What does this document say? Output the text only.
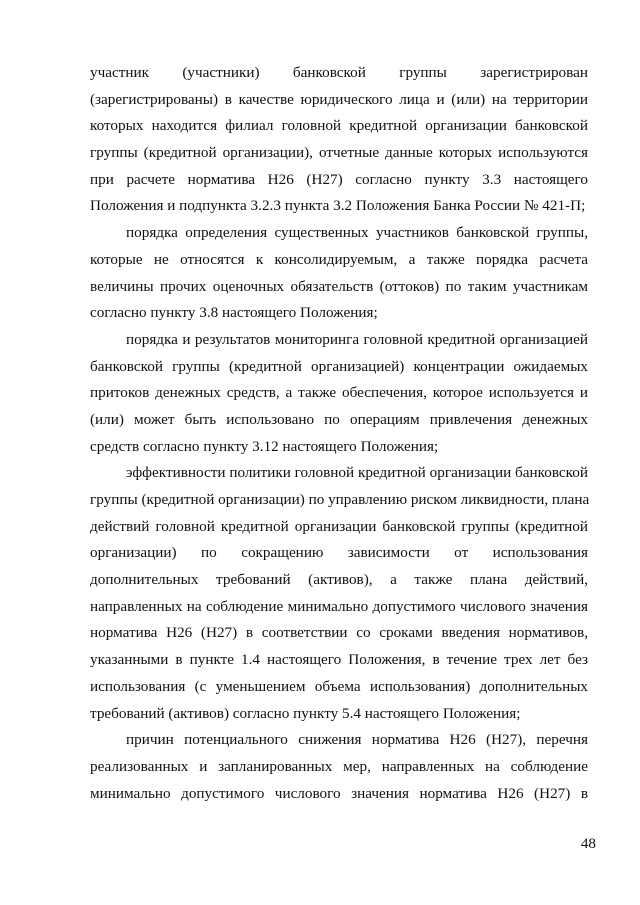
участник (участники) банковской группы зарегистрирован
(зарегистрированы) в качестве юридического лица и (или) на территории
которых находится филиал головной кредитной организации банковской
группы (кредитной организации), отчетные данные которых используются
при расчете норматива Н26 (Н27) согласно пункту 3.3 настоящего
Положения и подпункта 3.2.3 пункта 3.2 Положения Банка России № 421-П;
порядка определения существенных участников банковской группы,
которые не относятся к консолидируемым, а также порядка расчета
величины прочих оценочных обязательств (оттоков) по таким участникам
согласно пункту 3.8 настоящего Положения;
порядка и результатов мониторинга головной кредитной организацией
банковской группы (кредитной организацией) концентрации ожидаемых
притоков денежных средств, а также обеспечения, которое используется и
(или) может быть использовано по операциям привлечения денежных
средств согласно пункту 3.12 настоящего Положения;
эффективности политики головной кредитной организации банковской
группы (кредитной организации) по управлению риском ликвидности, плана
действий головной кредитной организации банковской группы (кредитной
организации) по сокращению зависимости от использования
дополнительных требований (активов), а также плана действий,
направленных на соблюдение минимально допустимого числового значения
норматива Н26 (Н27) в соответствии со сроками введения нормативов,
указанными в пункте 1.4 настоящего Положения, в течение трех лет без
использования (с уменьшением объема использования) дополнительных
требований (активов) согласно пункту 5.4 настоящего Положения;
причин потенциального снижения норматива Н26 (Н27), перечня
реализованных и запланированных мер, направленных на соблюдение
минимально допустимого числового значения норматива Н26 (Н27) в
48
